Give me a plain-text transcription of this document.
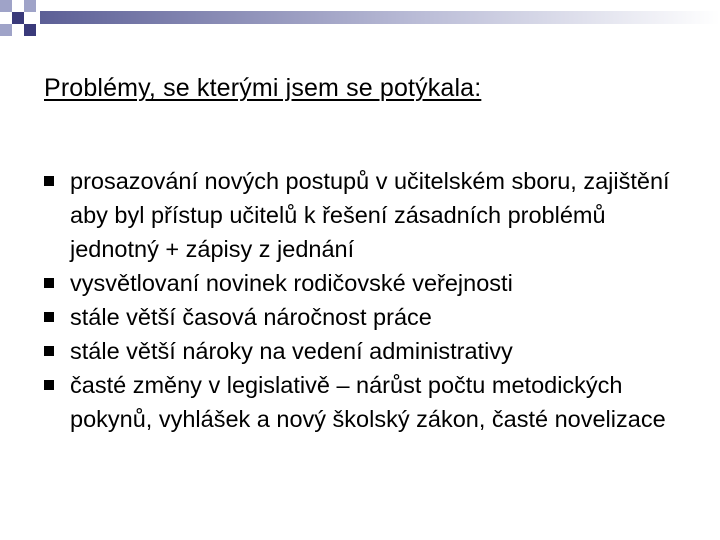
Problémy, se kterými jsem se potýkala:
prosazování nových postupů v učitelském sboru, zajištění aby byl přístup učitelů k řešení zásadních problémů jednotný + zápisy z jednání
vysvětlovaní novinek rodičovské veřejnosti
stále větší časová náročnost práce
stále větší nároky na vedení administrativy
časté změny v legislativě – nárůst počtu metodických pokynů, vyhlášek a nový školský zákon, časté novelizace
